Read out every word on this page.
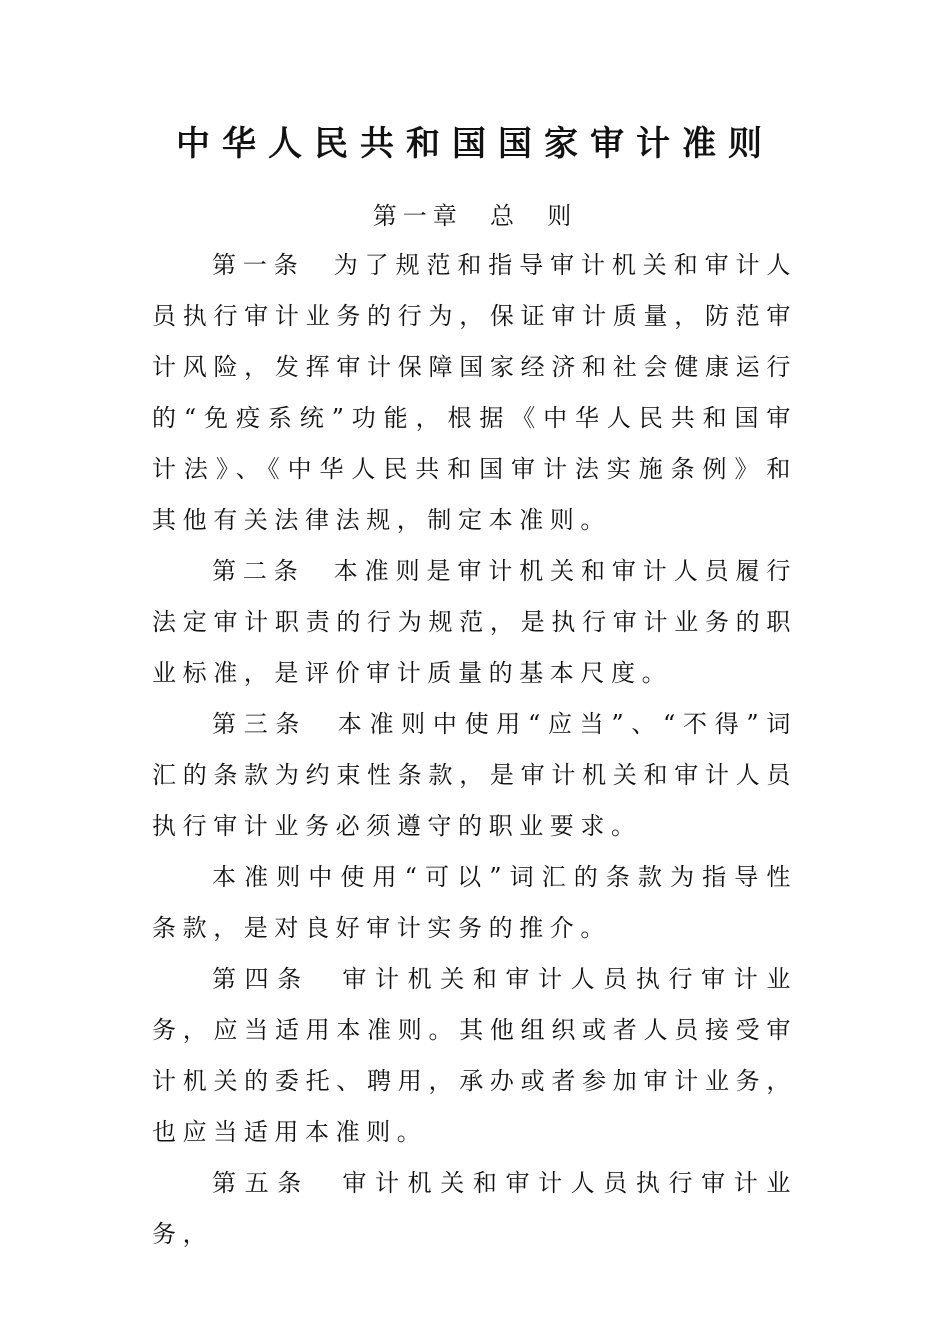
中华人民共和国国家审计准则
第一章  总  则

第一条  为了规范和指导审计机关和审计人员执行审计业务的行为，保证审计质量，防范审计风险，发挥审计保障国家经济和社会健康运行的“免疫系统”功能，根据《中华人民共和国审计法》、《中华人民共和国审计法实施条例》和其他有关法律法规，制定本准则。

第二条  本准则是审计机关和审计人员履行法定审计职责的行为规范，是执行审计业务的职业标准，是评价审计质量的基本尺度。

第三条  本准则中使用“应当”、“不得”词汇的条款为约束性条款，是审计机关和审计人员执行审计业务必须遵守的职业要求。

本准则中使用“可以”词汇的条款为指导性条款，是对良好审计实务的推介。

第四条  审计机关和审计人员执行审计业务，应当适用本准则。其他组织或者人员接受审计机关的委托、聘用，承办或者参加审计业务，也应当适用本准则。

第五条  审计机关和审计人员执行审计业务，
